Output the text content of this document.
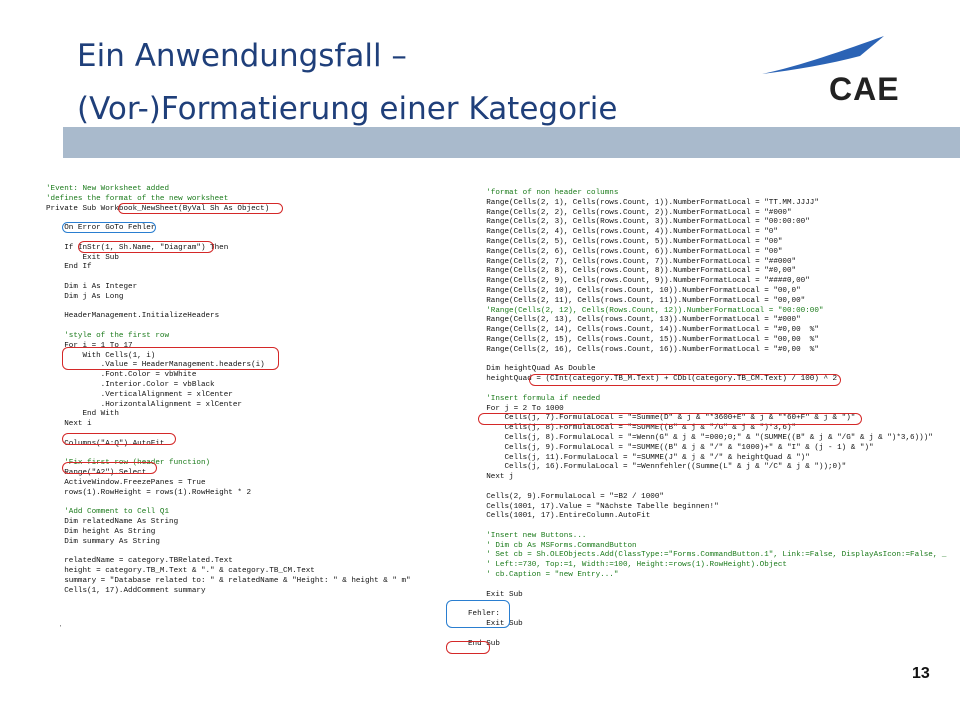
Ein Anwendungsfall –
(Vor-)Formatierung einer Kategorie
CAE
'Event: New Worksheet added
'defines the format of the new worksheet
Private Sub Workbook_NewSheet(ByVal Sh As Object)

On Error GoTo Fehler

If InStr(1, Sh.Name, "Diagram") Then
Exit Sub
End If

Dim i As Integer
Dim j As Long

HeaderManagement.InitializeHeaders

'style of the first row
For i = 1 To 17
With Cells(1, i)
.Value = HeaderManagement.headers(i)
.Font.Color = vbWhite
.Interior.Color = vbBlack
.VerticalAlignment = xlCenter
.HorizontalAlignment = xlCenter
End With
Next i

Columns("A:Q").AutoFit

'Fix first row (header function)
Range("A2").Select
ActiveWindow.FreezePanes = True
rows(1).RowHeight = rows(1).RowHeight * 2

'Add Comment to Cell Q1
Dim relatedName As String
Dim height As String
Dim summary As String

relatedName = category.TBRelated.Text
height = category.TB_M.Text & "." & category.TB_CM.Text
summary = "Database related to: " & relatedName & "Height: " & height & " m"
Cells(1, 17).AddComment summary
'format of non header columns
Range(Cells(2, 1), Cells(rows.Count, 1)).NumberFormatLocal = "TT.MM.JJJJ"
Range(Cells(2, 2), Cells(rows.Count, 2)).NumberFormatLocal = "#000"
Range(Cells(2, 3), Cells(Rows.Count, 3)).NumberFormatLocal = "00:00:00"
Range(Cells(2, 4), Cells(rows.Count, 4)).NumberFormatLocal = "0"
Range(Cells(2, 5), Cells(rows.Count, 5)).NumberFormatLocal = "00"
Range(Cells(2, 6), Cells(rows.Count, 6)).NumberFormatLocal = "00"
Range(Cells(2, 7), Cells(rows.Count, 7)).NumberFormatLocal = "##000"
Range(Cells(2, 8), Cells(rows.Count, 8)).NumberFormatLocal = "#0,00"
Range(Cells(2, 9), Cells(rows.Count, 9)).NumberFormatLocal = "####0,00"
Range(Cells(2, 10), Cells(rows.Count, 10)).NumberFormatLocal = "00,0"
Range(Cells(2, 11), Cells(rows.Count, 11)).NumberFormatLocal = "00,00"
'Range(Cells(2, 12), Cells(Rows.Count, 12)).NumberFormatLocal = "00:00:00"
Range(Cells(2, 13), Cells(rows.Count, 13)).NumberFormatLocal = "#000"
Range(Cells(2, 14), Cells(rows.Count, 14)).NumberFormatLocal = "#0,00  %"
Range(Cells(2, 15), Cells(rows.Count, 15)).NumberFormatLocal = "00,00  %"
Range(Cells(2, 16), Cells(rows.Count, 16)).NumberFormatLocal = "#0,00  %"

Dim heightQuad As Double
heightQuad = (CInt(category.TB_M.Text) + CDbl(category.TB_CM.Text) / 100) ^ 2

'Insert formula if needed
For j = 2 To 1000
Cells(j, 7).FormulaLocal = "=Summe(D" & j & "*3600+E" & j & "*60+F" & j & ")"
Cells(j, 8).FormulaLocal = "=SUMME((B" & j & "/G" & j & ")*3,6)"
Cells(j, 8).FormulaLocal = "=Wenn(G" & j & "=000;0;" & "(SUMME((B" & j & "/G" & j & ")*3,6)))"
Cells(j, 9).FormulaLocal = "=SUMME((B" & j & "/" & "1000)+" & "I" & (j - 1) & ")"
Cells(j, 11).FormulaLocal = "=SUMME(J" & j & "/" & heightQuad & ")"
Cells(j, 16).FormulaLocal = "=Wennfehler((Summe(L" & j & "/C" & j & "));0)"
Next j

Cells(2, 9).FormulaLocal = "=B2 / 1000"
Cells(1001, 17).Value = "Nächste Tabelle beginnen!"
Cells(1001, 17).EntireColumn.AutoFit

'Insert new Buttons...
' Dim cb As MSForms.CommandButton
' Set cb = Sh.OLEObjects.Add(ClassType:="Forms.CommandButton.1", Link:=False, DisplayAsIcon:=False, _
' Left:=730, Top:=1, Width:=100, Height:=rows(1).RowHeight).Object
' cb.Caption = "new Entry..."

Exit Sub

Fehler:
Exit Sub

End Sub
'
13
